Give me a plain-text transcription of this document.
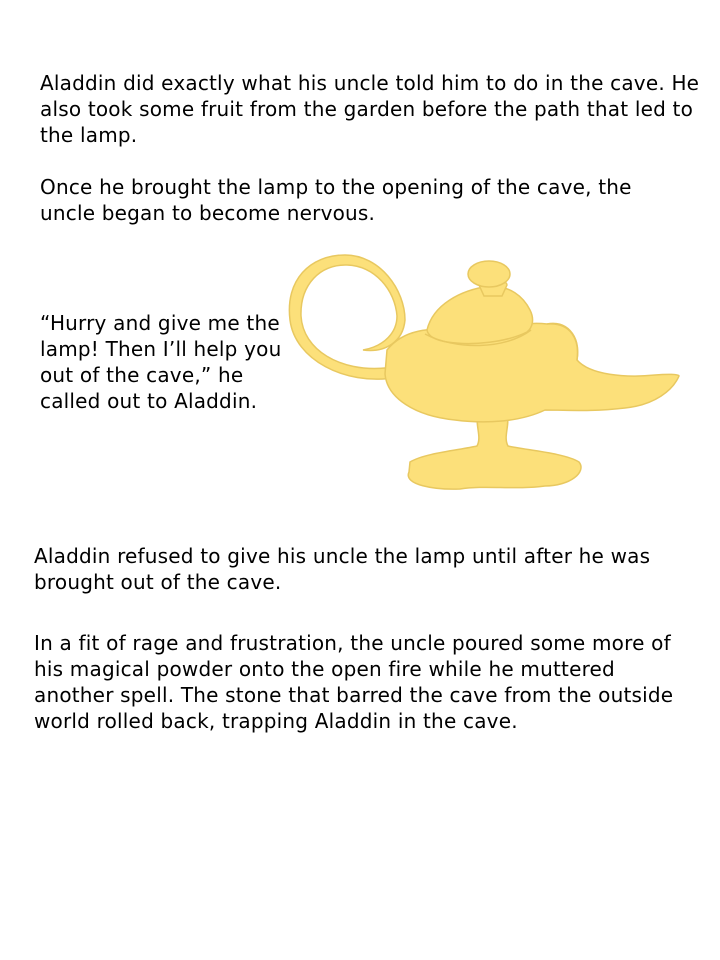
Aladdin did exactly what his uncle told him to do in the cave. He also took some fruit from the garden before the path that led to the lamp.

Once he brought the lamp to the opening of the cave, the uncle began to become nervous.

“Hurry and give me the lamp! Then I’ll help you out of the cave,” he called out to Aladdin.

Aladdin refused to give his uncle the lamp until after he was brought out of the cave.

In a fit of rage and frustration, the uncle poured some more of his magical powder onto the open fire while he muttered another spell. The stone that barred the cave from the outside world rolled back, trapping Aladdin in the cave.
